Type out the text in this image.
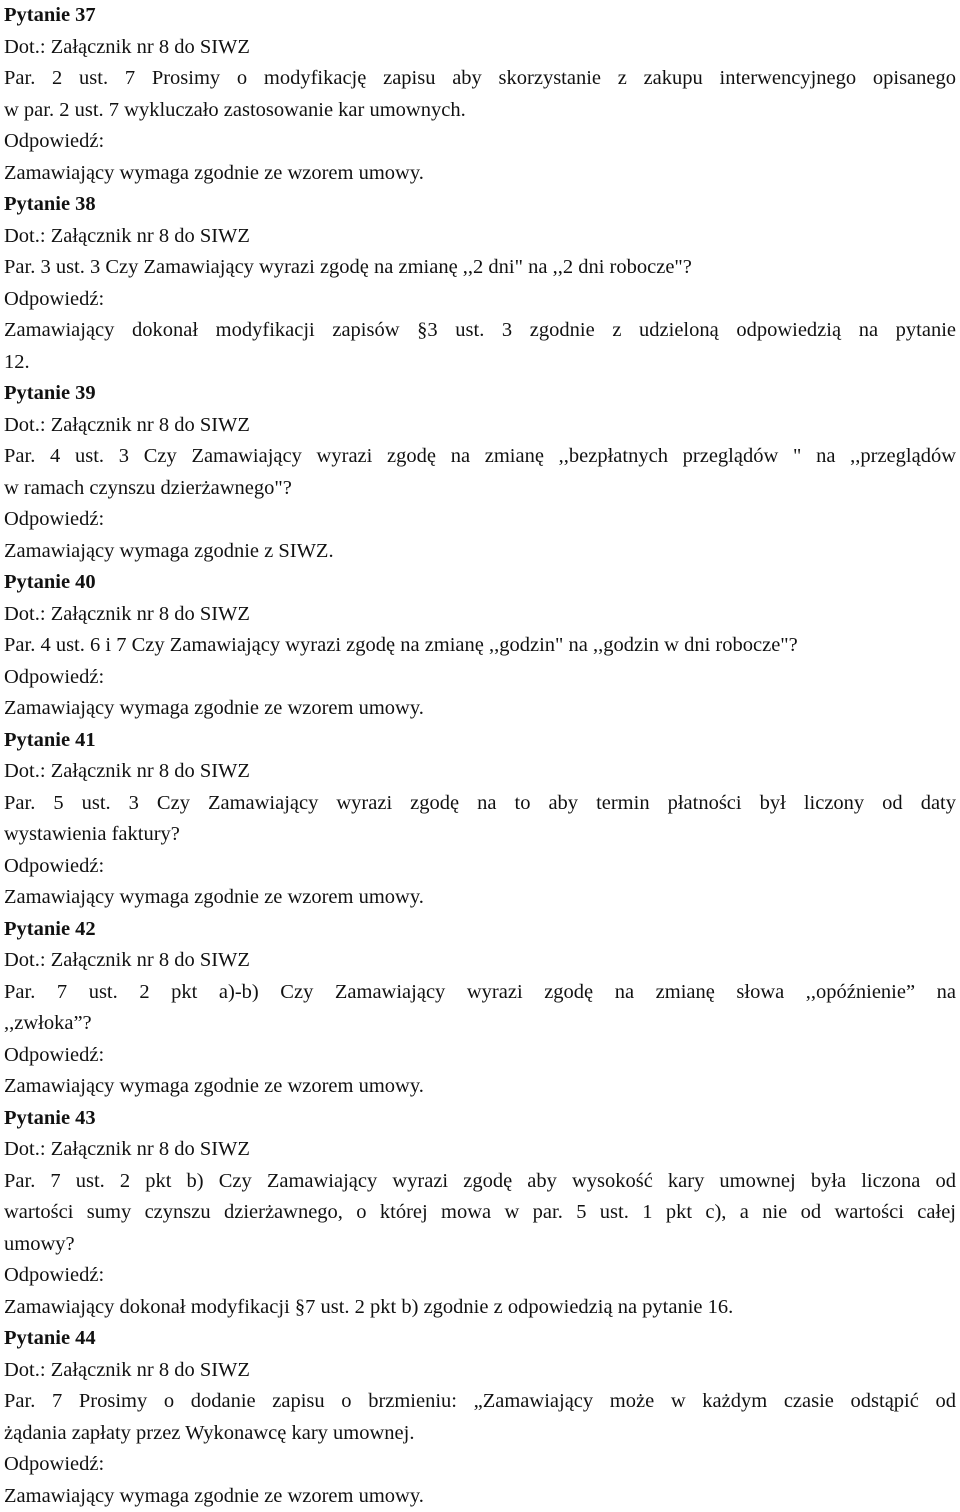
Pytanie 37
Dot.: Załącznik nr 8 do SIWZ
Par. 2 ust. 7 Prosimy o modyfikację zapisu aby skorzystanie z zakupu interwencyjnego opisanego
w par. 2 ust. 7 wykluczało zastosowanie kar umownych.
Odpowiedź:
Zamawiający wymaga zgodnie ze wzorem umowy.
Pytanie 38
Dot.: Załącznik nr 8 do SIWZ
Par. 3 ust. 3 Czy Zamawiający wyrazi zgodę na zmianę ,,2 dni" na ,,2 dni robocze"?
Odpowiedź:
Zamawiający dokonał modyfikacji zapisów §3 ust. 3 zgodnie z udzieloną odpowiedzią na pytanie
12.
Pytanie 39
Dot.: Załącznik nr 8 do SIWZ
Par. 4 ust. 3 Czy Zamawiający wyrazi zgodę na zmianę ,,bezpłatnych przeglądów " na ,,przeglądów
w ramach czynszu dzierżawnego"?
Odpowiedź:
Zamawiający wymaga zgodnie z SIWZ.
Pytanie 40
Dot.: Załącznik nr 8 do SIWZ
Par. 4 ust. 6 i 7 Czy Zamawiający wyrazi zgodę na zmianę ,,godzin" na ,,godzin w dni robocze"?
Odpowiedź:
Zamawiający wymaga zgodnie ze wzorem umowy.
Pytanie 41
Dot.: Załącznik nr 8 do SIWZ
Par. 5 ust. 3 Czy Zamawiający wyrazi zgodę na to aby termin płatności był liczony od daty
wystawienia faktury?
Odpowiedź:
Zamawiający wymaga zgodnie ze wzorem umowy.
Pytanie 42
Dot.: Załącznik nr 8 do SIWZ
Par. 7 ust. 2 pkt a)-b) Czy Zamawiający wyrazi zgodę na zmianę słowa ,,opóźnienie” na
,,zwłoka”?
Odpowiedź:
Zamawiający wymaga zgodnie ze wzorem umowy.
Pytanie 43
Dot.: Załącznik nr 8 do SIWZ
Par. 7 ust. 2 pkt b) Czy Zamawiający wyrazi zgodę aby wysokość kary umownej była liczona od
wartości sumy czynszu dzierżawnego, o której mowa w par. 5 ust. 1 pkt c), a nie od wartości całej
umowy?
Odpowiedź:
Zamawiający dokonał modyfikacji §7 ust. 2 pkt b) zgodnie z odpowiedzią na pytanie 16.
Pytanie 44
Dot.: Załącznik nr 8 do SIWZ
Par. 7 Prosimy o dodanie zapisu o brzmieniu: „Zamawiający może w każdym czasie odstąpić od
żądania zapłaty przez Wykonawcę kary umownej.
Odpowiedź:
Zamawiający wymaga zgodnie ze wzorem umowy.
